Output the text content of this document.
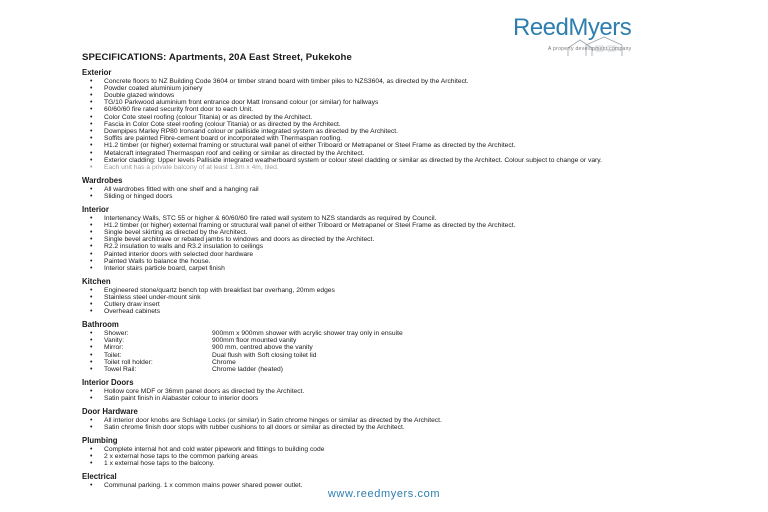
ReedMyers
A property development company
SPECIFICATIONS: Apartments, 20A East Street, Pukekohe
Exterior
• Concrete floors to NZ Building Code 3604 or timber strand board with timber piles to NZS3604, as directed by the Architect.
• Powder coated aluminium joinery
• Double glazed windows
• TG/10 Parkwood aluminium front entrance door Matt Ironsand colour (or similar) for hallways
• 60/60/60 fire rated security front door to each Unit.
• Color Cote steel roofing (colour Titania) or as directed by the Architect.
• Fascia in Color Cote steel roofing (colour Titania) or as directed by the Architect.
• Downpipes Marley RP80 Ironsand colour or palliside integrated system as directed by the Architect.
• Soffits are painted Fibre-cement board or incorporated with Thermaspan roofing.
• H1.2 timber (or higher) external framing or structural wall panel of either Triboard or Metrapanel or Steel Frame as directed by the Architect.
• Metalcraft integrated Thermaspan roof and ceiling or similar as directed by the Architect.
• Exterior cladding: Upper levels Palliside integrated weatherboard system or colour steel cladding or similar as directed by the Architect. Colour subject to change or vary.
• Each unit has a private balcony of at least 1.8m x 4m, tiled.
Wardrobes
• All wardrobes fitted with one shelf and a hanging rail
• Sliding or hinged doors
Interior
• Intertenancy Walls, STC 55 or higher & 60/60/60 fire rated wall system to NZS standards as required by Council.
• H1.2 timber (or higher) external framing or structural wall panel of either Triboard or Metrapanel or Steel Frame as directed by the Architect.
• Single bevel skirting as directed by the Architect.
• Single bevel architrave or rebated jambs to windows and doors as directed by the Architect.
• R2.2 insulation to walls and R3.2 insulation to ceilings
• Painted interior doors with selected door hardware
• Painted Walls to balance the house.
• Interior stairs particle board, carpet finish
Kitchen
• Engineered stone/quartz bench top with breakfast bar overhang, 20mm edges
• Stainless steel under-mount sink
• Cutlery draw insert
• Overhead cabinets
Bathroom
• Shower:	900mm x 900mm shower with acrylic shower tray only in ensuite
• Vanity:	900mm floor mounted vanity
• Mirror:	900 mm, centred above the vanity
• Toilet:	Dual flush with Soft closing toilet lid
• Toilet roll holder:	Chrome
• Towel Rail:	Chrome ladder (heated)
Interior Doors
• Hollow core MDF or 36mm panel doors as directed by the Architect.
• Satin paint finish in Alabaster colour to interior doors
Door Hardware
• All interior door knobs are Schlage Locks (or similar) in Satin chrome hinges or similar as directed by the Architect.
• Satin chrome finish door stops with rubber cushions to all doors or similar as directed by the Architect.
Plumbing
• Complete internal hot and cold water pipework and fittings to building code
• 2 x external hose taps to the common parking areas
• 1 x external hose taps to the balcony.
Electrical
• Communal parking. 1 x common mains power shared power outlet.
www.reedmyers.com
